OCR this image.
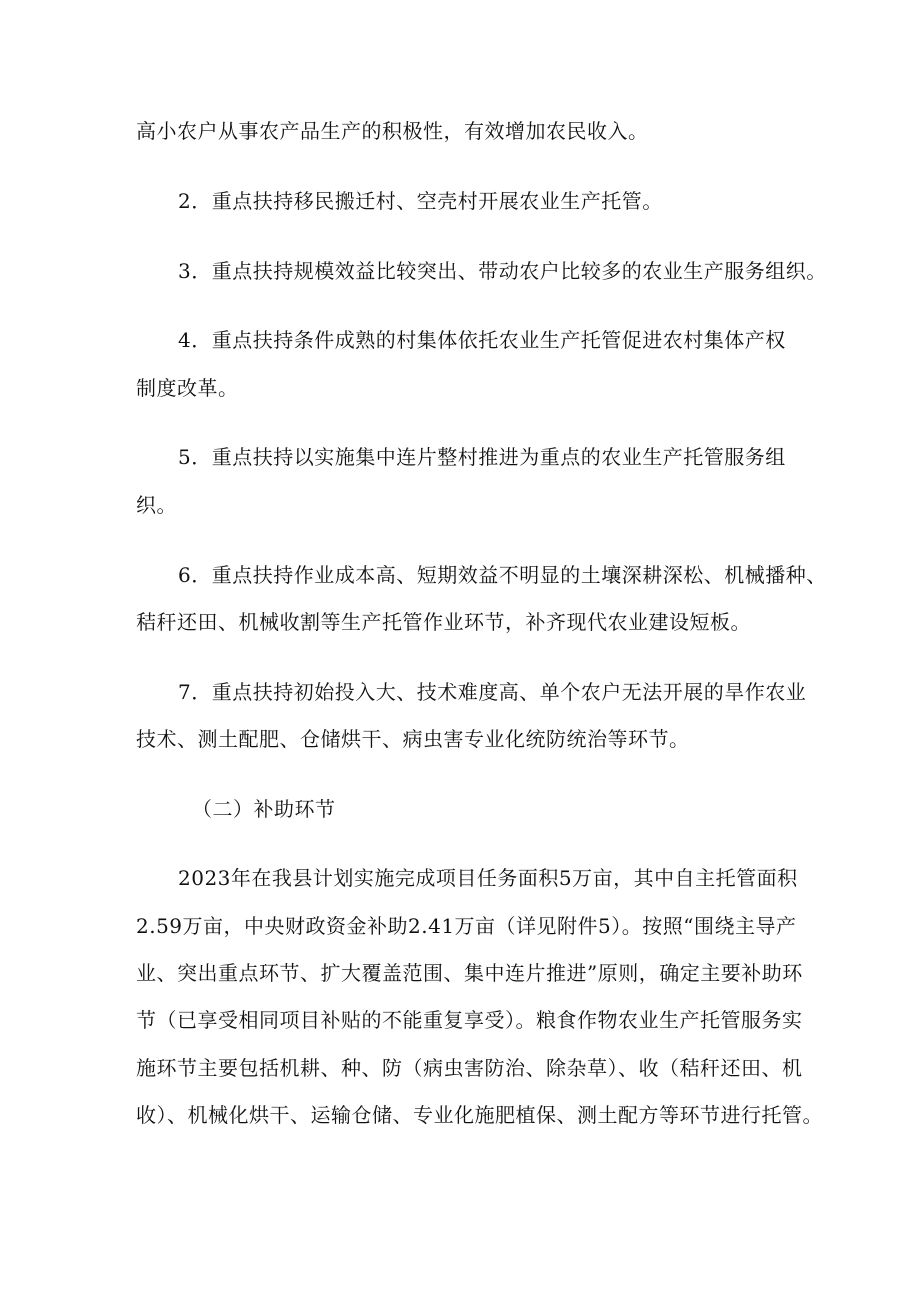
高小农户从事农产品生产的积极性，有效增加农民收入。
2．重点扶持移民搬迁村、空壳村开展农业生产托管。
3．重点扶持规模效益比较突出、带动农户比较多的农业生产服务组织。
4．重点扶持条件成熟的村集体依托农业生产托管促进农村集体产权
制度改革。
5．重点扶持以实施集中连片整村推进为重点的农业生产托管服务组
织。
6．重点扶持作业成本高、短期效益不明显的土壤深耕深松、机械播种、
秸秆还田、机械收割等生产托管作业环节，补齐现代农业建设短板。
7．重点扶持初始投入大、技术难度高、单个农户无法开展的旱作农业
技术、测土配肥、仓储烘干、病虫害专业化统防统治等环节。
（二）补助环节
2023年在我县计划实施完成项目任务面积5万亩，其中自主托管面积
2.59万亩，中央财政资金补助2.41万亩（详见附件5）。按照“围绕主导产
业、突出重点环节、扩大覆盖范围、集中连片推进”原则，确定主要补助环
节（已享受相同项目补贴的不能重复享受）。粮食作物农业生产托管服务实
施环节主要包括机耕、种、防（病虫害防治、除杂草）、收（秸秆还田、机
收）、机械化烘干、运输仓储、专业化施肥植保、测土配方等环节进行托管。
